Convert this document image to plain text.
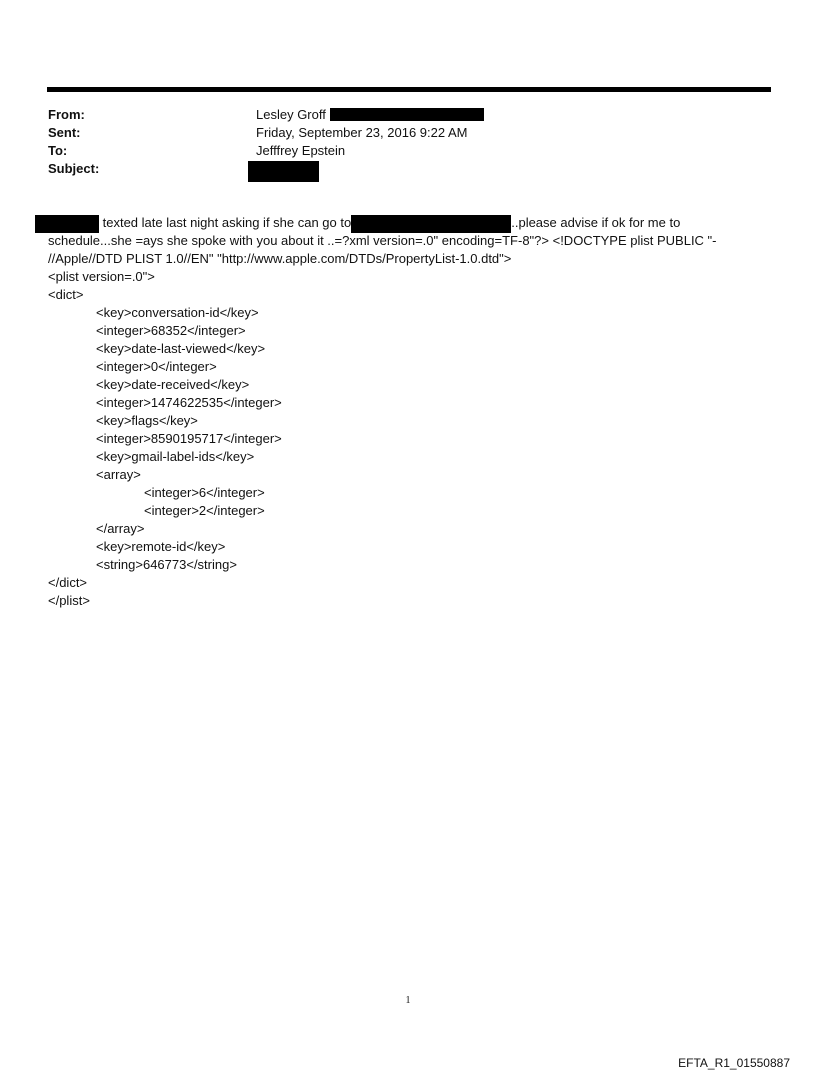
From:	Lesley Groff
Sent:	Friday, September 23, 2016 9:22 AM
To:	Jefffrey Epstein
Subject:
texted late last night asking if she can go to	..please advise if ok for me to
schedule...she =ays she spoke with you about it ..=?xml version=.0" encoding=TF-8"?> <!DOCTYPE plist PUBLIC "-
//Apple//DTD PLIST 1.0//EN" "http://www.apple.com/DTDs/PropertyList-1.0.dtd">
<plist version=.0">
<dict>
<key>conversation-id</key>
<integer>68352</integer>
<key>date-last-viewed</key>
<integer>0</integer>
<key>date-received</key>
<integer>1474622535</integer>
<key>flags</key>
<integer>8590195717</integer>
<key>gmail-label-ids</key>
<array>
<integer>6</integer>
<integer>2</integer>
</array>
<key>remote-id</key>
<string>646773</string>
</dict>
</plist>
1
EFTA_R1_01550887
